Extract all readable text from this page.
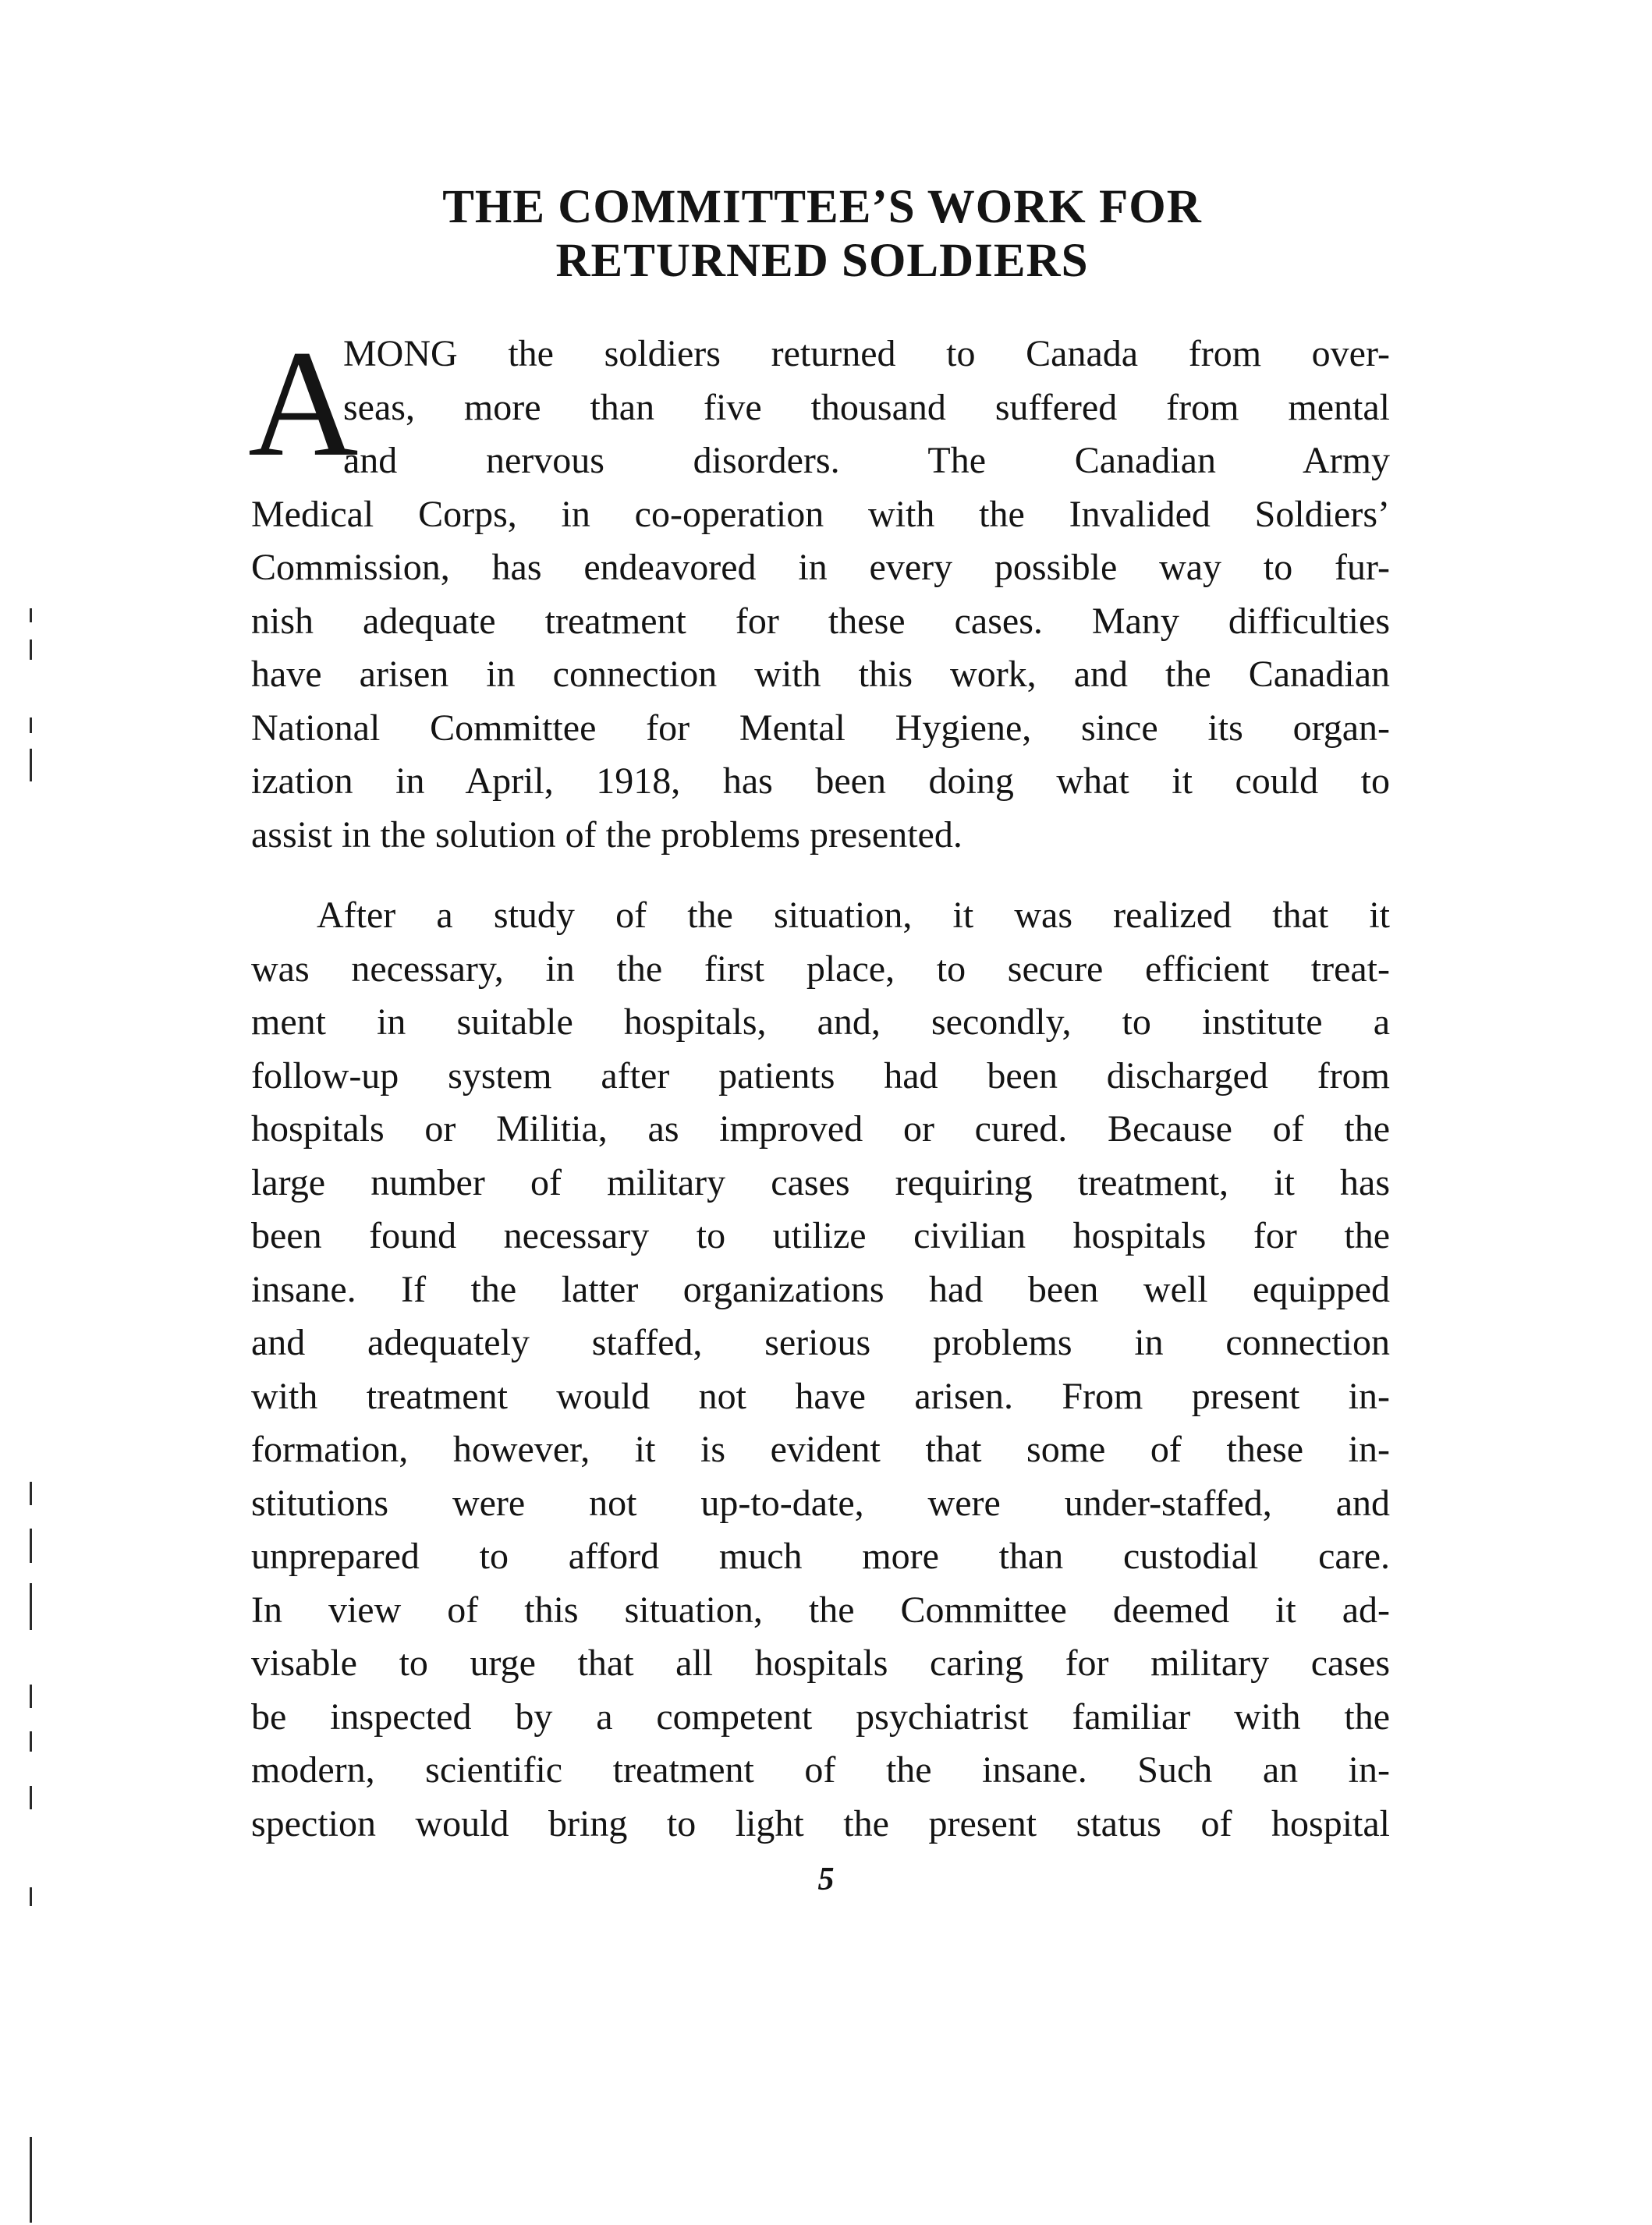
THE COMMITTEE’S WORK FOR
RETURNED SOLDIERS
A
MONG the soldiers returned to Canada from over-
seas, more than five thousand suffered from mental
and nervous disorders. The Canadian Army
Medical Corps, in co-operation with the Invalided Soldiers’
Commission, has endeavored in every possible way to fur-
nish adequate treatment for these cases. Many difficulties
have arisen in connection with this work, and the Canadian
National Committee for Mental Hygiene, since its organ-
ization in April, 1918, has been doing what it could to
assist in the solution of the problems presented.
After a study of the situation, it was realized that it
was necessary, in the first place, to secure efficient treat-
ment in suitable hospitals, and, secondly, to institute a
follow-up system after patients had been discharged from
hospitals or Militia, as improved or cured. Because of the
large number of military cases requiring treatment, it has
been found necessary to utilize civilian hospitals for the
insane. If the latter organizations had been well equipped
and adequately staffed, serious problems in connection
with treatment would not have arisen. From present in-
formation, however, it is evident that some of these in-
stitutions were not up-to-date, were under-staffed, and
unprepared to afford much more than custodial care.
In view of this situation, the Committee deemed it ad-
visable to urge that all hospitals caring for military cases
be inspected by a competent psychiatrist familiar with the
modern, scientific treatment of the insane. Such an in-
spection would bring to light the present status of hospital
5
